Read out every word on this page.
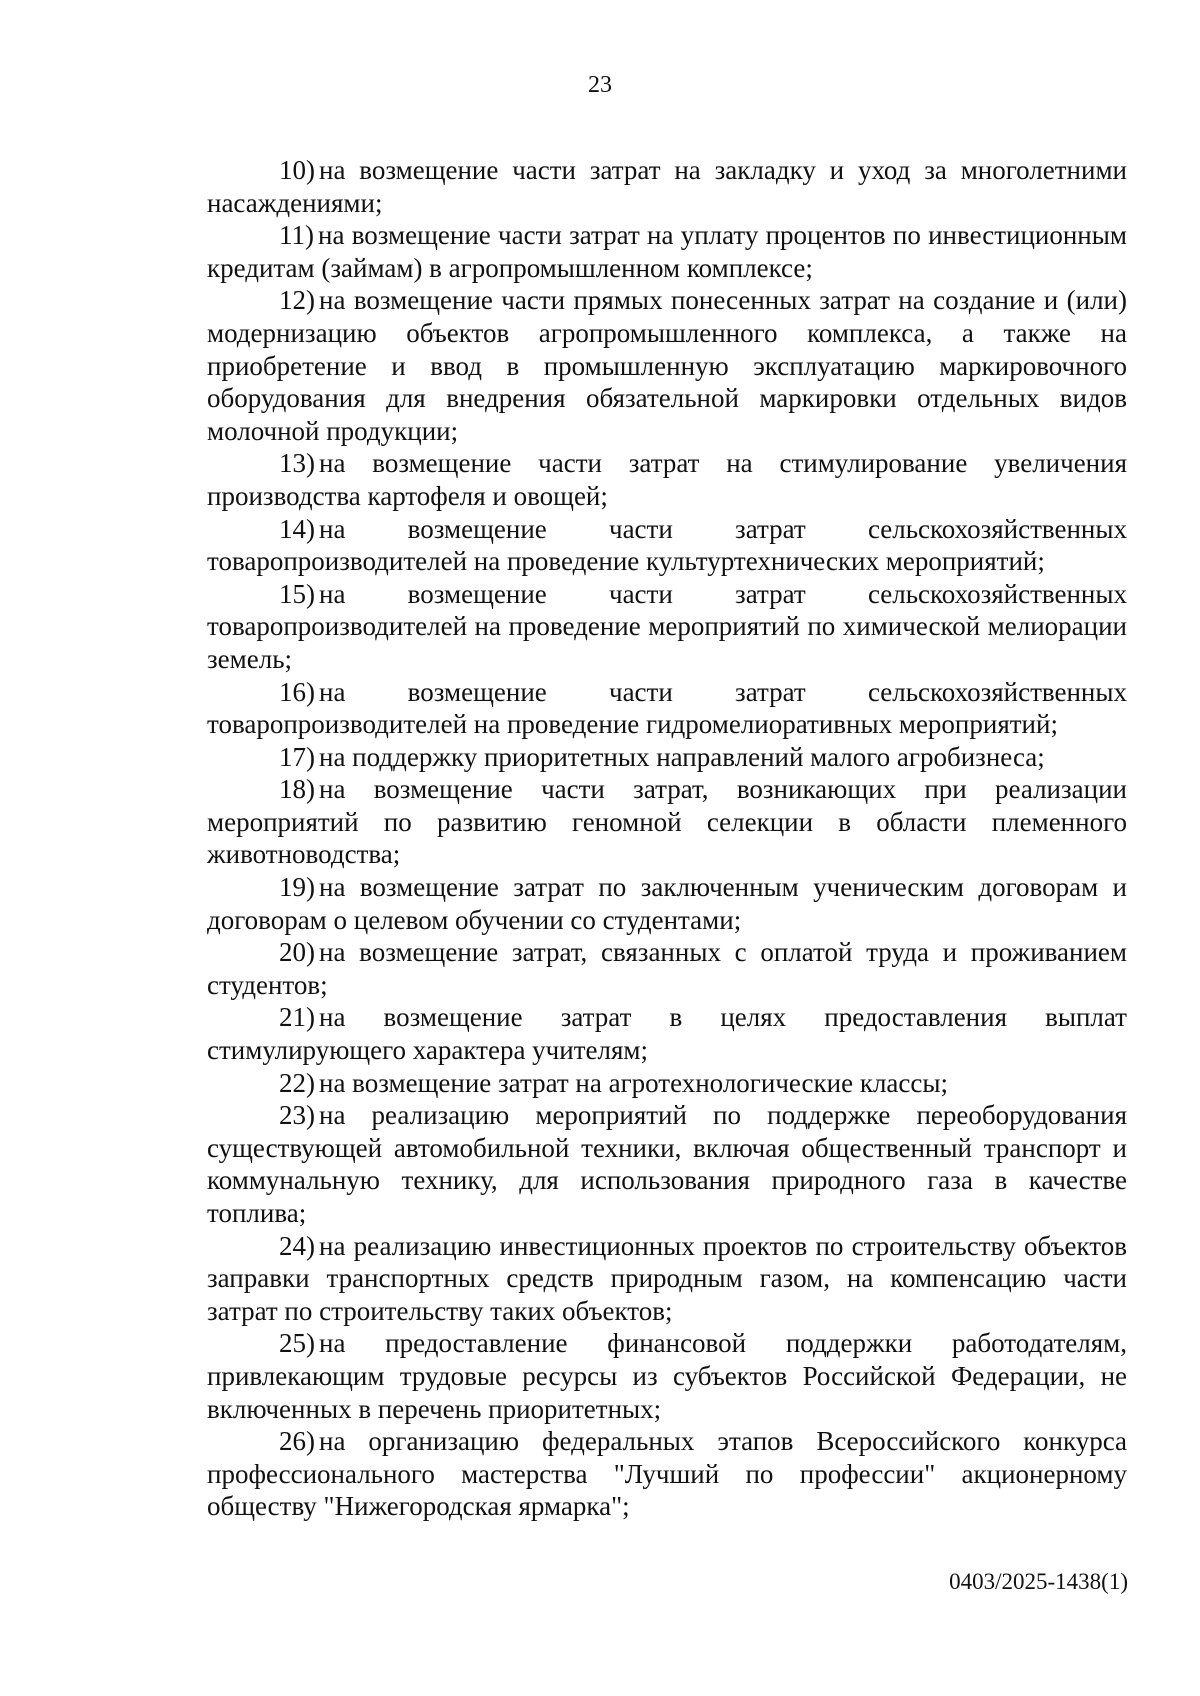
23

10) на возмещение части затрат на закладку и уход за многолетними насаждениями;

11) на возмещение части затрат на уплату процентов по инвестиционным кредитам (займам) в агропромышленном комплексе;

12) на возмещение части прямых понесенных затрат на создание и (или) модернизацию объектов агропромышленного комплекса, а также на приобретение и ввод в промышленную эксплуатацию маркировочного оборудования для внедрения обязательной маркировки отдельных видов молочной продукции;

13) на возмещение части затрат на стимулирование увеличения производства картофеля и овощей;

14) на возмещение части затрат сельскохозяйственных товаропроизводителей на проведение культуртехнических мероприятий;

15) на возмещение части затрат сельскохозяйственных товаропроизводителей на проведение мероприятий по химической мелиорации земель;

16) на возмещение части затрат сельскохозяйственных товаропроизводителей на проведение гидромелиоративных мероприятий;

17) на поддержку приоритетных направлений малого агробизнеса;

18) на возмещение части затрат, возникающих при реализации мероприятий по развитию геномной селекции в области племенного животноводства;

19) на возмещение затрат по заключенным ученическим договорам и договорам о целевом обучении со студентами;

20) на возмещение затрат, связанных с оплатой труда и проживанием студентов;

21) на возмещение затрат в целях предоставления выплат стимулирующего характера учителям;

22) на возмещение затрат на агротехнологические классы;

23) на реализацию мероприятий по поддержке переоборудования существующей автомобильной техники, включая общественный транспорт и коммунальную технику, для использования природного газа в качестве топлива;

24) на реализацию инвестиционных проектов по строительству объектов заправки транспортных средств природным газом, на компенсацию части затрат по строительству таких объектов;

25) на предоставление финансовой поддержки работодателям, привлекающим трудовые ресурсы из субъектов Российской Федерации, не включенных в перечень приоритетных;

26) на организацию федеральных этапов Всероссийского конкурса профессионального мастерства "Лучший по профессии" акционерному обществу "Нижегородская ярмарка";

0403/2025-1438(1)
